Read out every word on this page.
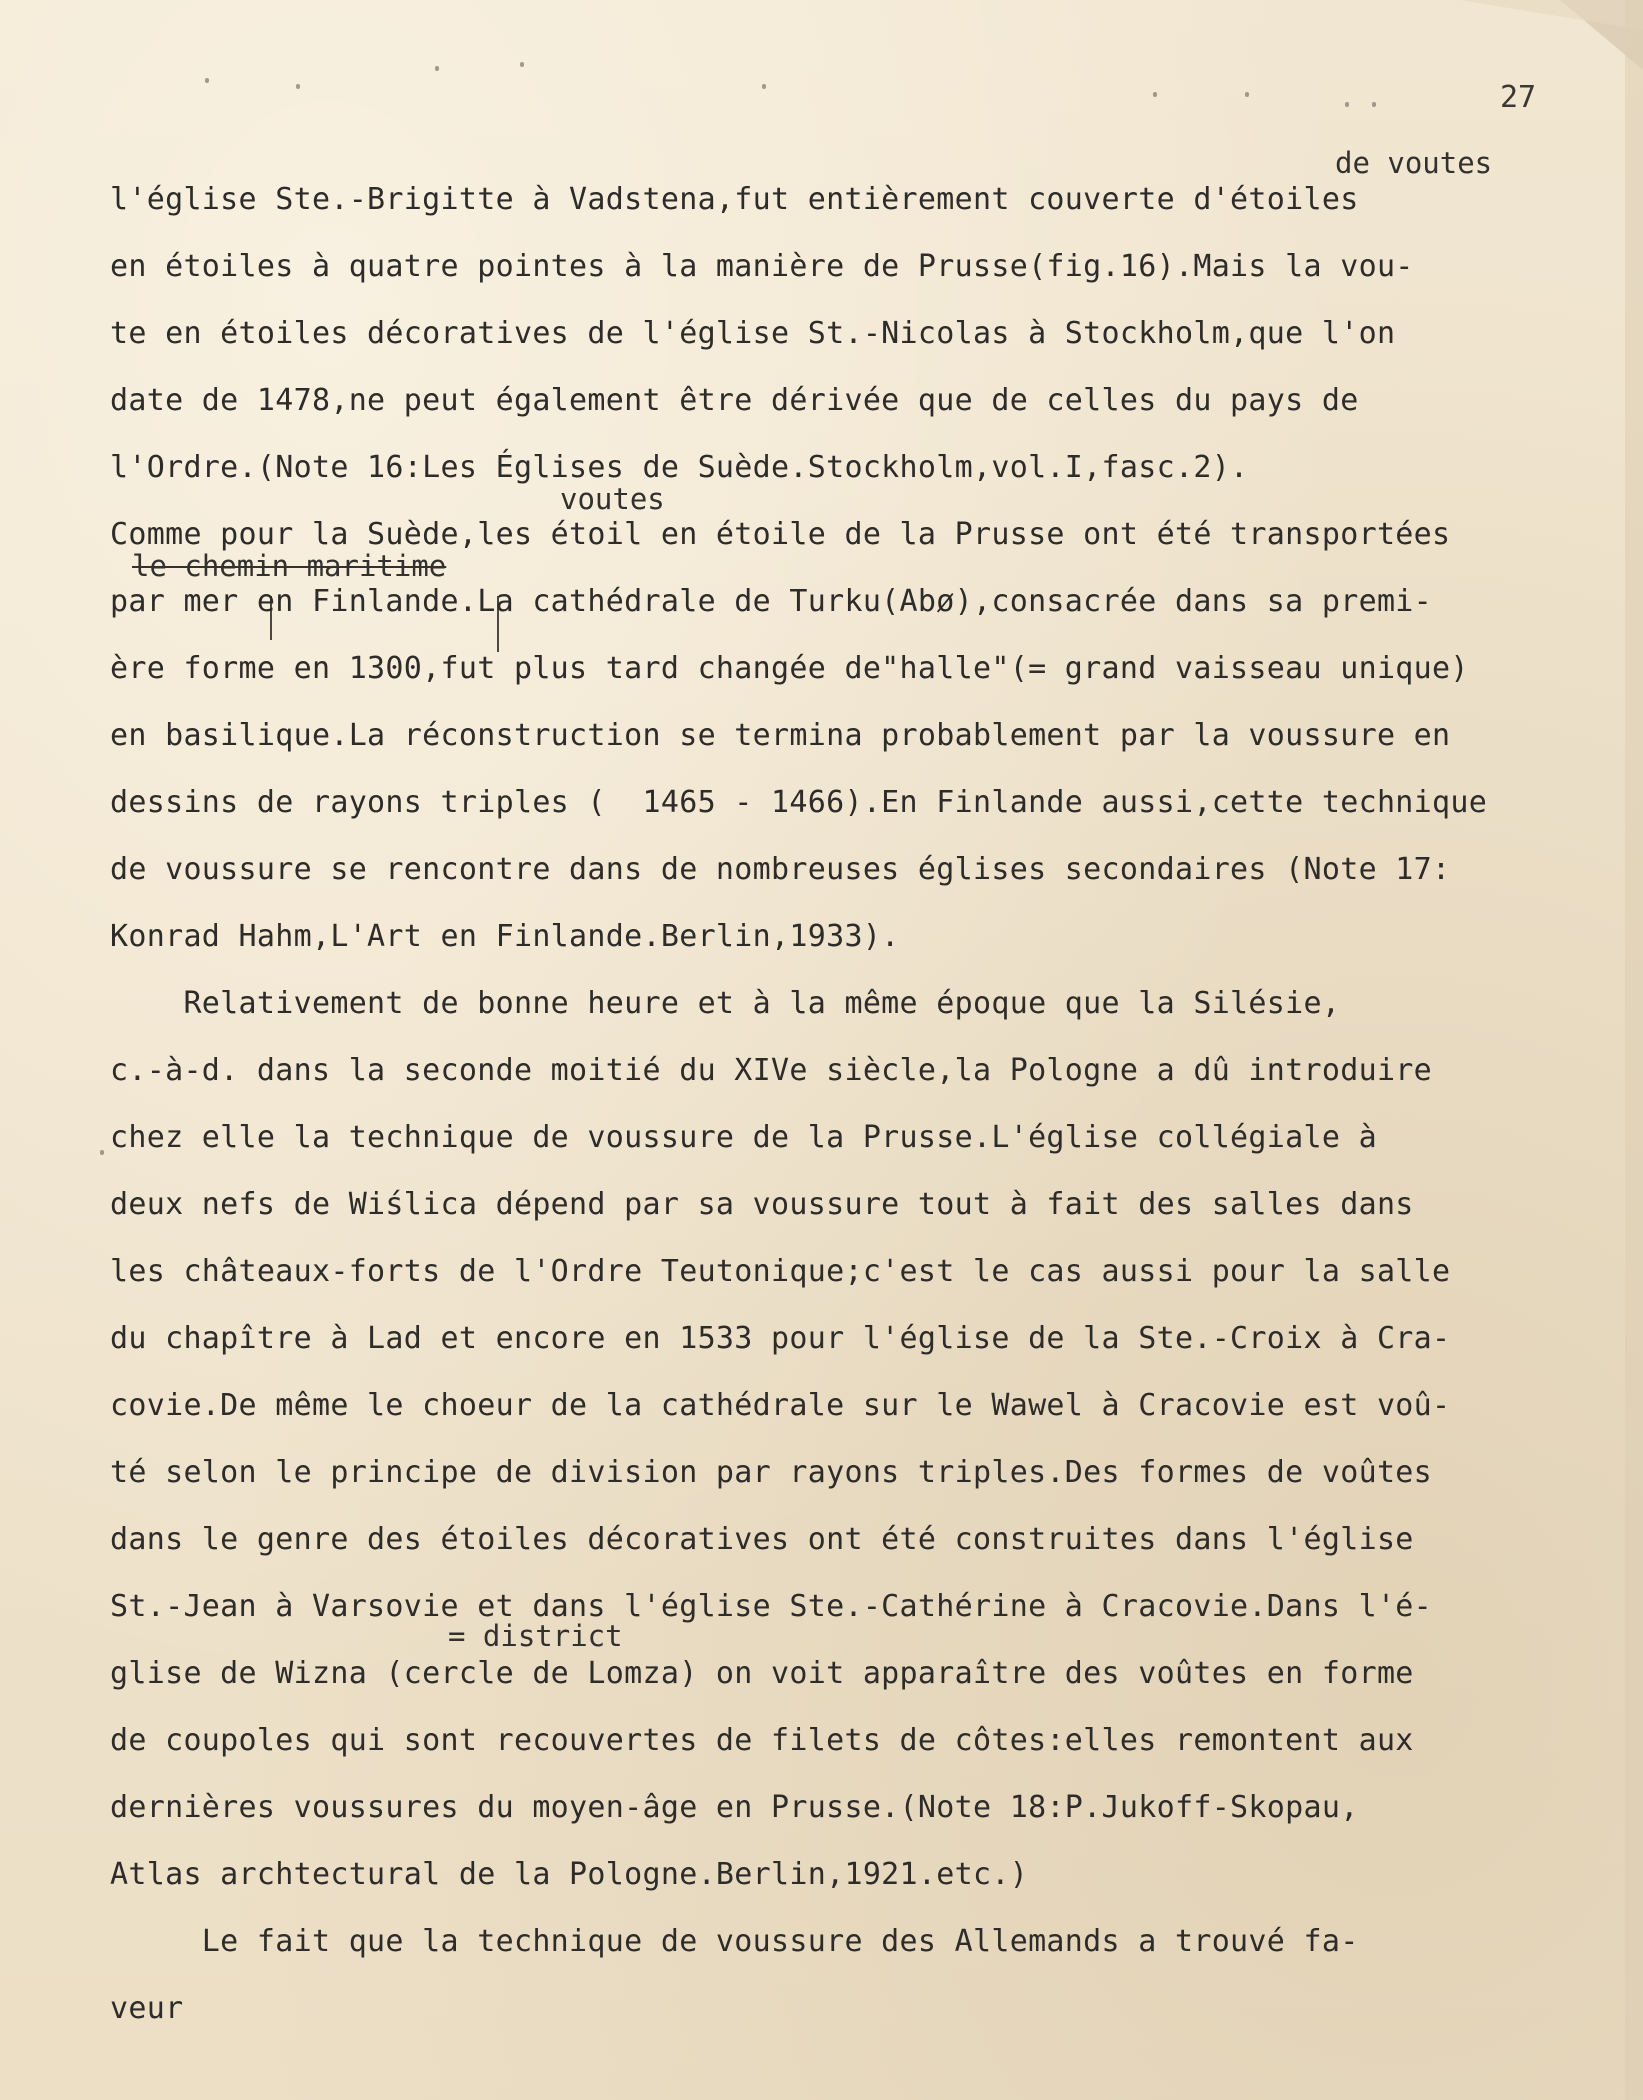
27
de voutes
voutes
le chemin maritime
= district
l'église Ste.-Brigitte à Vadstena,fut entièrement couverte d'étoiles
en étoiles à quatre pointes à la manière de Prusse(fig.16).Mais la vou-
te en étoiles décoratives de l'église St.-Nicolas à Stockholm,que l'on
date de 1478,ne peut également être dérivée que de celles du pays de
l'Ordre.(Note 16:Les Églises de Suède.Stockholm,vol.I,fasc.2).
Comme pour la Suède,les étoil en étoile de la Prusse ont été transportées
par mer en Finlande.La cathédrale de Turku(Abø),consacrée dans sa premi-
ère forme en 1300,fut plus tard changée de"halle"(= grand vaisseau unique)
en basilique.La réconstruction se termina probablement par la voussure en
dessins de rayons triples (  1465 - 1466).En Finlande aussi,cette technique
de voussure se rencontre dans de nombreuses églises secondaires (Note 17:
Konrad Hahm,L'Art en Finlande.Berlin,1933).
Relativement de bonne heure et à la même époque que la Silésie,
c.-à-d. dans la seconde moitié du XIVe siècle,la Pologne a dû introduire
chez elle la technique de voussure de la Prusse.L'église collégiale à
deux nefs de Wiślica dépend par sa voussure tout à fait des salles dans
les châteaux-forts de l'Ordre Teutonique;c'est le cas aussi pour la salle
du chapître à Lad et encore en 1533 pour l'église de la Ste.-Croix à Cra-
covie.De même le choeur de la cathédrale sur le Wawel à Cracovie est voû-
té selon le principe de division par rayons triples.Des formes de voûtes
dans le genre des étoiles décoratives ont été construites dans l'église
St.-Jean à Varsovie et dans l'église Ste.-Cathérine à Cracovie.Dans l'é-
glise de Wizna (cercle de Lomza) on voit apparaître des voûtes en forme
de coupoles qui sont recouvertes de filets de côtes:elles remontent aux
dernières voussures du moyen-âge en Prusse.(Note 18:P.Jukoff-Skopau,
Atlas archtectural de la Pologne.Berlin,1921.etc.)
Le fait que la technique de voussure des Allemands a trouvé fa-
veur
